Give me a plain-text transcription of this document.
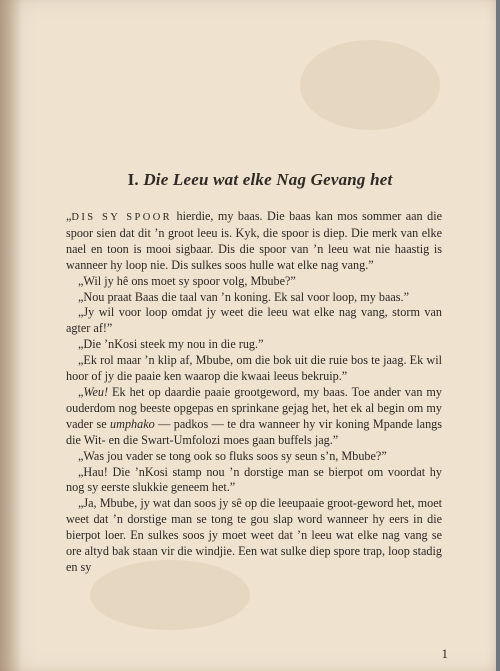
I. Die Leeu wat elke Nag Gevang het

„DIS SY SPOOR hierdie, my baas. Die baas kan mos sommer aan die spoor sien dat dit ’n groot leeu is. Kyk, die spoor is diep. Die merk van elke nael en toon is mooi sigbaar. Dis die spoor van ’n leeu wat nie haastig is wanneer hy loop nie. Dis sulkes soos hulle wat elke nag vang.”

„Wil jy hê ons moet sy spoor volg, Mbube?”

„Nou praat Baas die taal van ’n koning. Ek sal voor loop, my baas.”

„Jy wil voor loop omdat jy weet die leeu wat elke nag vang, storm van agter af!”

„Die ’nKosi steek my nou in die rug.”

„Ek rol maar ’n klip af, Mbube, om die bok uit die ruie bos te jaag. Ek wil hoor of jy die paaie ken waarop die kwaai leeus bekruip.”

„Weu! Ek het op daardie paaie grootgeword, my baas. Toe ander van my ouderdom nog beeste opgepas en sprinkane gejag het, het ek al begin om my vader se umphako — padkos — te dra wanneer hy vir koning Mpande langs die Wit- en die Swart-Umfolozi moes gaan buffels jag.”

„Was jou vader se tong ook so fluks soos sy seun s’n, Mbube?”

„Hau! Die ’nKosi stamp nou ’n dorstige man se bierpot om voordat hy nog sy eerste slukkie geneem het.”

„Ja, Mbube, jy wat dan soos jy sê op die leeupaaie groot-geword het, moet weet dat ’n dorstige man se tong te gou slap word wanneer hy eers in die bierpot loer. En sulkes soos jy moet weet dat ’n leeu wat elke nag vang se ore altyd bak staan vir die windjie. Een wat sulke diep spore trap, loop stadig en sy

1
